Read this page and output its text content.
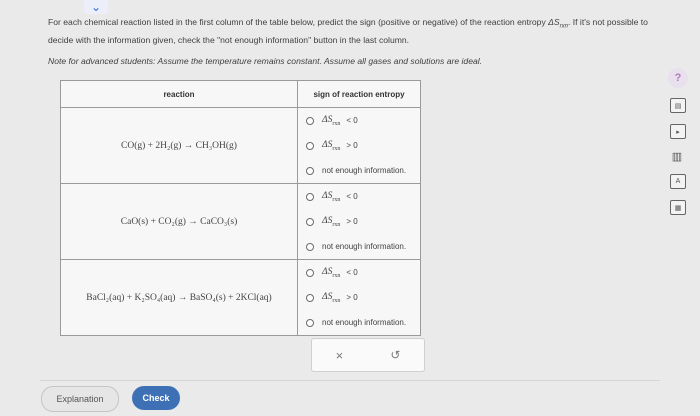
⌄
For each chemical reaction listed in the first column of the table below, predict the sign (positive or negative) of the reaction entropy $\Delta S_{rxn}$. If it's not possible to decide with the information given, check the "not enough information" button in the last column.
Note for advanced students: Assume the temperature remains constant. Assume all gases and solutions are ideal.
reaction	sign of reaction entropy
CO(g) + 2H₂(g) → CH₃OH(g)	$\Delta S_{rxn} < 0$
$\Delta S_{rxn} > 0$
not enough information.

CaO(s) + CO₂(g) → CaCO₃(s)	$\Delta S_{rxn} < 0$
$\Delta S_{rxn} > 0$
not enough information.

BaCl₂(aq) + K₂SO₄(aq) → BaSO₄(s) + 2KCl(aq)	$\Delta S_{rxn} < 0$
$\Delta S_{rxn} > 0$
not enough information.
×	↺
Explanation	Check
?
▤
▸
▥
A
▦
